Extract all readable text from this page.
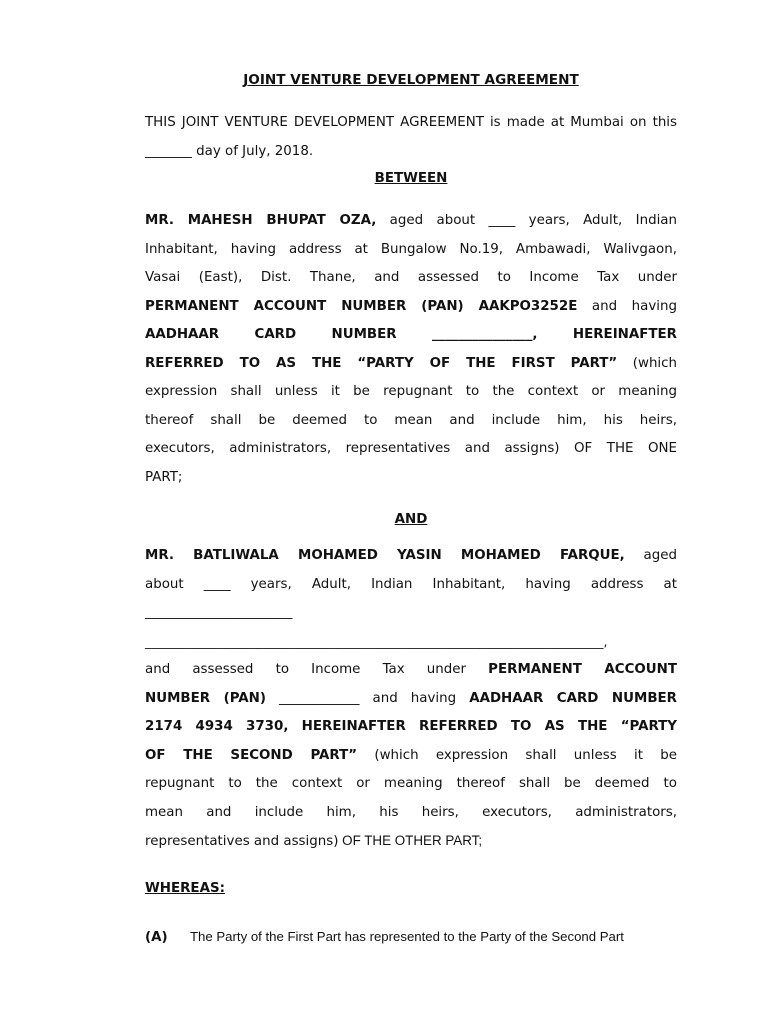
JOINT VENTURE DEVELOPMENT AGREEMENT
THIS JOINT VENTURE DEVELOPMENT AGREEMENT is made at Mumbai on this
_______ day of July, 2018.
BETWEEN
MR. MAHESH BHUPAT OZA, aged about ____ years, Adult, Indian
Inhabitant, having address at Bungalow No.19, Ambawadi, Walivgaon,
Vasai (East), Dist. Thane, and assessed to Income Tax under
PERMANENT ACCOUNT NUMBER (PAN) AAKPO3252E and having
AADHAAR CARD NUMBER _______________, HEREINAFTER
REFERRED TO AS THE “PARTY OF THE FIRST PART” (which
expression shall unless it be repugnant to the context or meaning
thereof shall be deemed to mean and include him, his heirs,
executors, administrators, representatives and assigns) OF THE ONE
PART;
AND
MR. BATLIWALA MOHAMED YASIN MOHAMED FARQUE, aged
about ____ years, Adult, Indian Inhabitant, having address at
______________________
__________________________________________________________________________,
and assessed to Income Tax under PERMANENT ACCOUNT
NUMBER (PAN) ____________ and having AADHAAR CARD NUMBER
2174 4934 3730, HEREINAFTER REFERRED TO AS THE “PARTY
OF THE SECOND PART” (which expression shall unless it be
repugnant to the context or meaning thereof shall be deemed to
mean and include him, his heirs, executors, administrators,
representatives and assigns) OF THE OTHER PART;
WHEREAS:
(A) The Party of the First Part has represented to the Party of the Second Part
